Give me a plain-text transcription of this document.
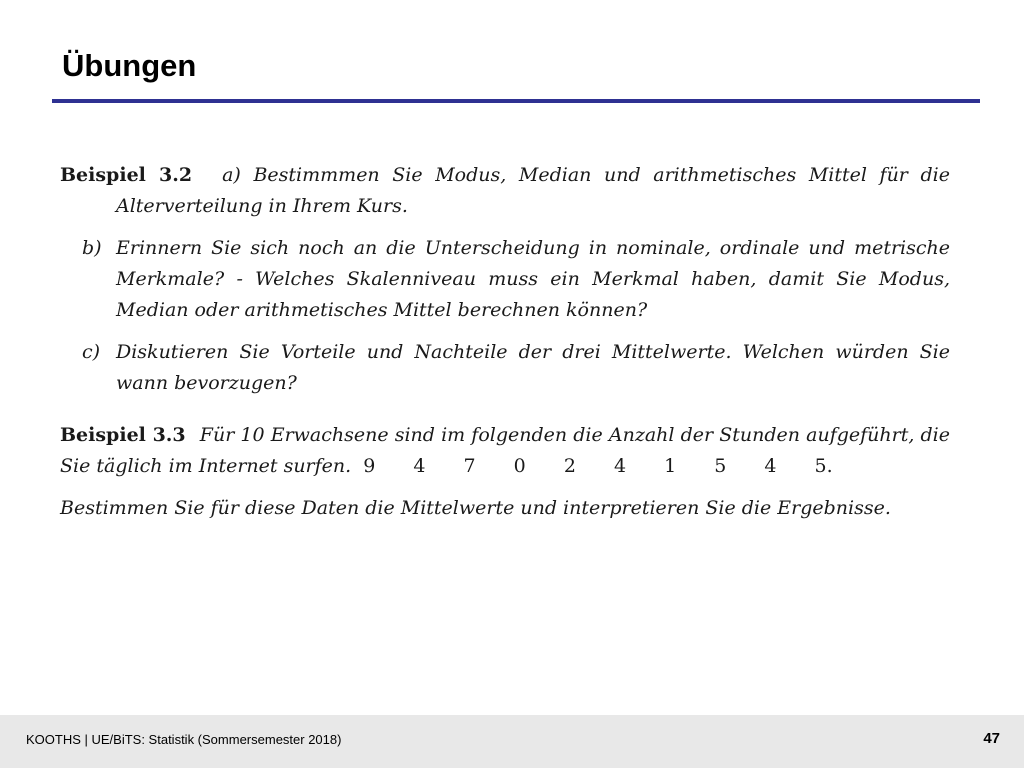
Übungen

Beispiel 3.2 a) Bestimmmen Sie Modus, Median und arithmetisches Mittel für die Alterverteilung in Ihrem Kurs.

b) Erinnern Sie sich noch an die Unterscheidung in nominale, ordinale und metrische Merkmale? - Welches Skalenniveau muss ein Merkmal haben, damit Sie Modus, Median oder arithmetisches Mittel berechnen können?
c) Diskutieren Sie Vorteile und Nachteile der drei Mittelwerte. Welchen würden Sie wann bevorzugen?

Beispiel 3.3 Für 10 Erwachsene sind im folgenden die Anzahl der Stunden aufgeführt, die Sie täglich im Internet surfen. 9 4 7 0 2 4 1 5 4 5.

Bestimmen Sie für diese Daten die Mittelwerte und interpretieren Sie die Ergebnisse.

KOOTHS | UE/BiTS: Statistik (Sommersemester 2018)	47
